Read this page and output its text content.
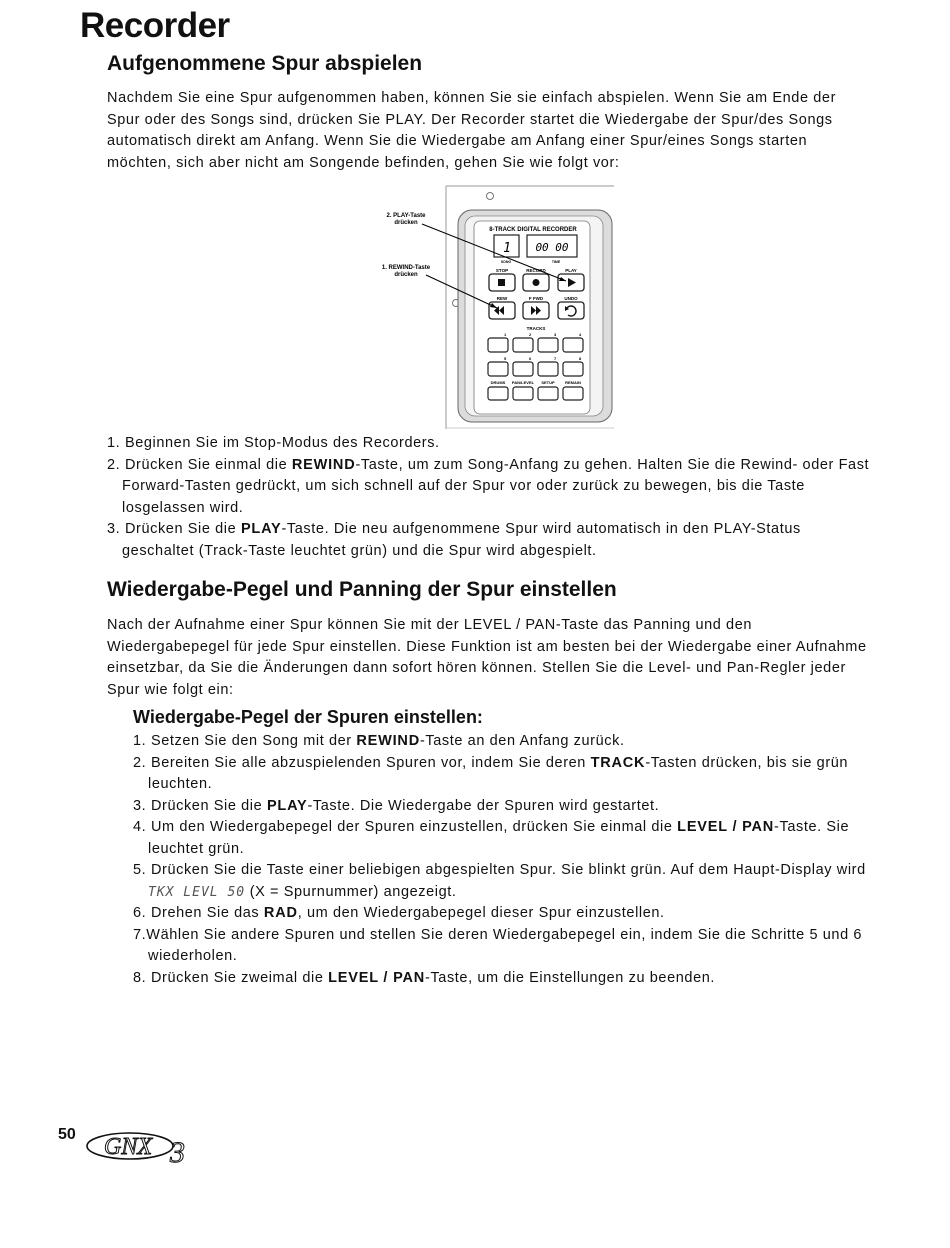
Recorder
Aufgenommene Spur abspielen

Nachdem Sie eine Spur aufgenommen haben, können Sie sie einfach abspielen. Wenn Sie am Ende der Spur oder des Songs sind, drücken Sie PLAY. Der Recorder startet die Wiedergabe der Spur/des Songs automatisch direkt am Anfang. Wenn Sie die Wiedergabe am Anfang einer Spur/eines Songs starten möchten, sich aber nicht am Songende befinden, gehen Sie wie folgt vor:

8-TRACK DIGITAL RECORDER
1 00 00
SONG	TIME
STOP	RECORD	PLAY
REW	F FWD	UNDO
TRACKS
1	2	3	4
5	6	7	8
DRUMS PAN/LEVEL SETUP	REMAIN
2. PLAY-Taste
drücken
1. REWIND-Taste
drücken
1. Beginnen Sie im Stop-Modus des Recorders.
2. Drücken Sie einmal die REWIND-Taste, um zum Song-Anfang zu gehen. Halten Sie die Rewind- oder Fast Forward-Tasten gedrückt, um sich schnell auf der Spur vor oder zurück zu bewegen, bis die Taste losgelassen wird.
3. Drücken Sie die PLAY-Taste. Die neu aufgenommene Spur wird automatisch in den PLAY-Status geschaltet (Track-Taste leuchtet grün) und die Spur wird abgespielt.
Wiedergabe-Pegel und Panning der Spur einstellen

Nach der Aufnahme einer Spur können Sie mit der LEVEL / PAN-Taste das Panning und den Wiedergabepegel für jede Spur einstellen. Diese Funktion ist am besten bei der Wiedergabe einer Aufnahme einsetzbar, da Sie die Änderungen dann sofort hören können. Stellen Sie die Level- und Pan-Regler jeder Spur wie folgt ein:

Wiedergabe-Pegel der Spuren einstellen:
1. Setzen Sie den Song mit der REWIND-Taste an den Anfang zurück.
2. Bereiten Sie alle abzuspielenden Spuren vor, indem Sie deren TRACK-Tasten drücken, bis sie grün leuchten.
3. Drücken Sie die PLAY-Taste. Die Wiedergabe der Spuren wird gestartet.
4. Um den Wiedergabepegel der Spuren einzustellen, drücken Sie einmal die LEVEL / PAN-Taste. Sie leuchtet grün.
5. Drücken Sie die Taste einer beliebigen abgespielten Spur. Sie blinkt grün. Auf dem Haupt-Display wird TKX LEVL 50 (X = Spurnummer) angezeigt.
6. Drehen Sie das RAD, um den Wiedergabepegel dieser Spur einzustellen.
7.Wählen Sie andere Spuren und stellen Sie deren Wiedergabepegel ein, indem Sie die Schritte 5 und 6 wiederholen.
8. Drücken Sie zweimal die LEVEL / PAN-Taste, um die Einstellungen zu beenden.
50 GNX 3
